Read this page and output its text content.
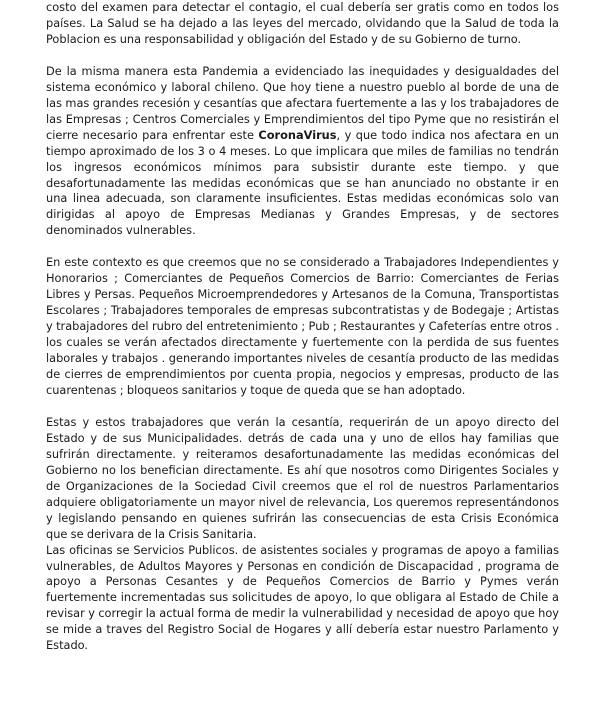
costo del examen para detectar el contagio, el cual debería ser gratis como en todos los países. La Salud se ha dejado a las leyes del mercado, olvidando que la Salud de toda la Poblacion es una responsabilidad y obligación del Estado y de su Gobierno de turno.

De la misma manera esta Pandemia a evidenciado las inequidades y desigualdades del sistema económico y laboral chileno. Que hoy tiene a nuestro pueblo al borde de una de las mas grandes recesión y cesantías que afectara fuertemente a las y los trabajadores de las Empresas ; Centros Comerciales y Emprendimientos del tipo Pyme que no resistirán el cierre necesario para enfrentar este CoronaVirus, y que todo indica nos afectara en un tiempo aproximado de los 3 o 4 meses. Lo que implicara que miles de familias no tendrán los ingresos económicos mínimos para subsistir durante este tiempo. y que desafortunadamente las medidas económicas que se han anunciado no obstante ir en una linea adecuada, son claramente insuficientes. Estas medidas económicas solo van dirigidas al apoyo de Empresas Medianas y Grandes Empresas, y de sectores denominados vulnerables.

En este contexto es que creemos que no se considerado a Trabajadores Independientes y Honorarios ; Comerciantes de Pequeños Comercios de Barrio: Comerciantes de Ferias Libres y Persas. Pequeños Microemprendedores y Artesanos de la Comuna, Transportistas Escolares ; Trabajadores temporales de empresas subcontratistas y de Bodegaje ; Artistas y trabajadores del rubro del entretenimiento ; Pub ; Restaurantes y Cafeterías entre otros . los cuales se verán afectados directamente y fuertemente con la perdida de sus fuentes laborales y trabajos . generando importantes niveles de cesantía producto de las medidas de cierres de emprendimientos por cuenta propia, negocios y empresas, producto de las cuarentenas ; bloqueos sanitarios y toque de queda que se han adoptado.

Estas y estos trabajadores que verán la cesantía, requerirán de un apoyo directo del Estado y de sus Municipalidades. detrás de cada una y uno de ellos hay familias que sufrirán directamente. y reiteramos desafortunadamente las medidas económicas del Gobierno no los benefician directamente. Es ahí que nosotros como Dirigentes Sociales y de Organizaciones de la Sociedad Civil creemos que el rol de nuestros Parlamentarios adquiere obligatoriamente un mayor nivel de relevancia, Los queremos representándonos y legislando pensando en quienes sufrirán las consecuencias de esta Crisis Económica que se derivara de la Crisis Sanitaria.

Las oficinas se Servicios Publicos. de asistentes sociales y programas de apoyo a familias vulnerables, de Adultos Mayores y Personas en condición de Discapacidad , programa de apoyo a Personas Cesantes y de Pequeños Comercios de Barrio y Pymes verán fuertemente incrementadas sus solicitudes de apoyo, lo que obligara al Estado de Chile a revisar y corregir la actual forma de medir la vulnerabilidad y necesidad de apoyo que hoy se mide a traves del Registro Social de Hogares y allí debería estar nuestro Parlamento y Estado.
